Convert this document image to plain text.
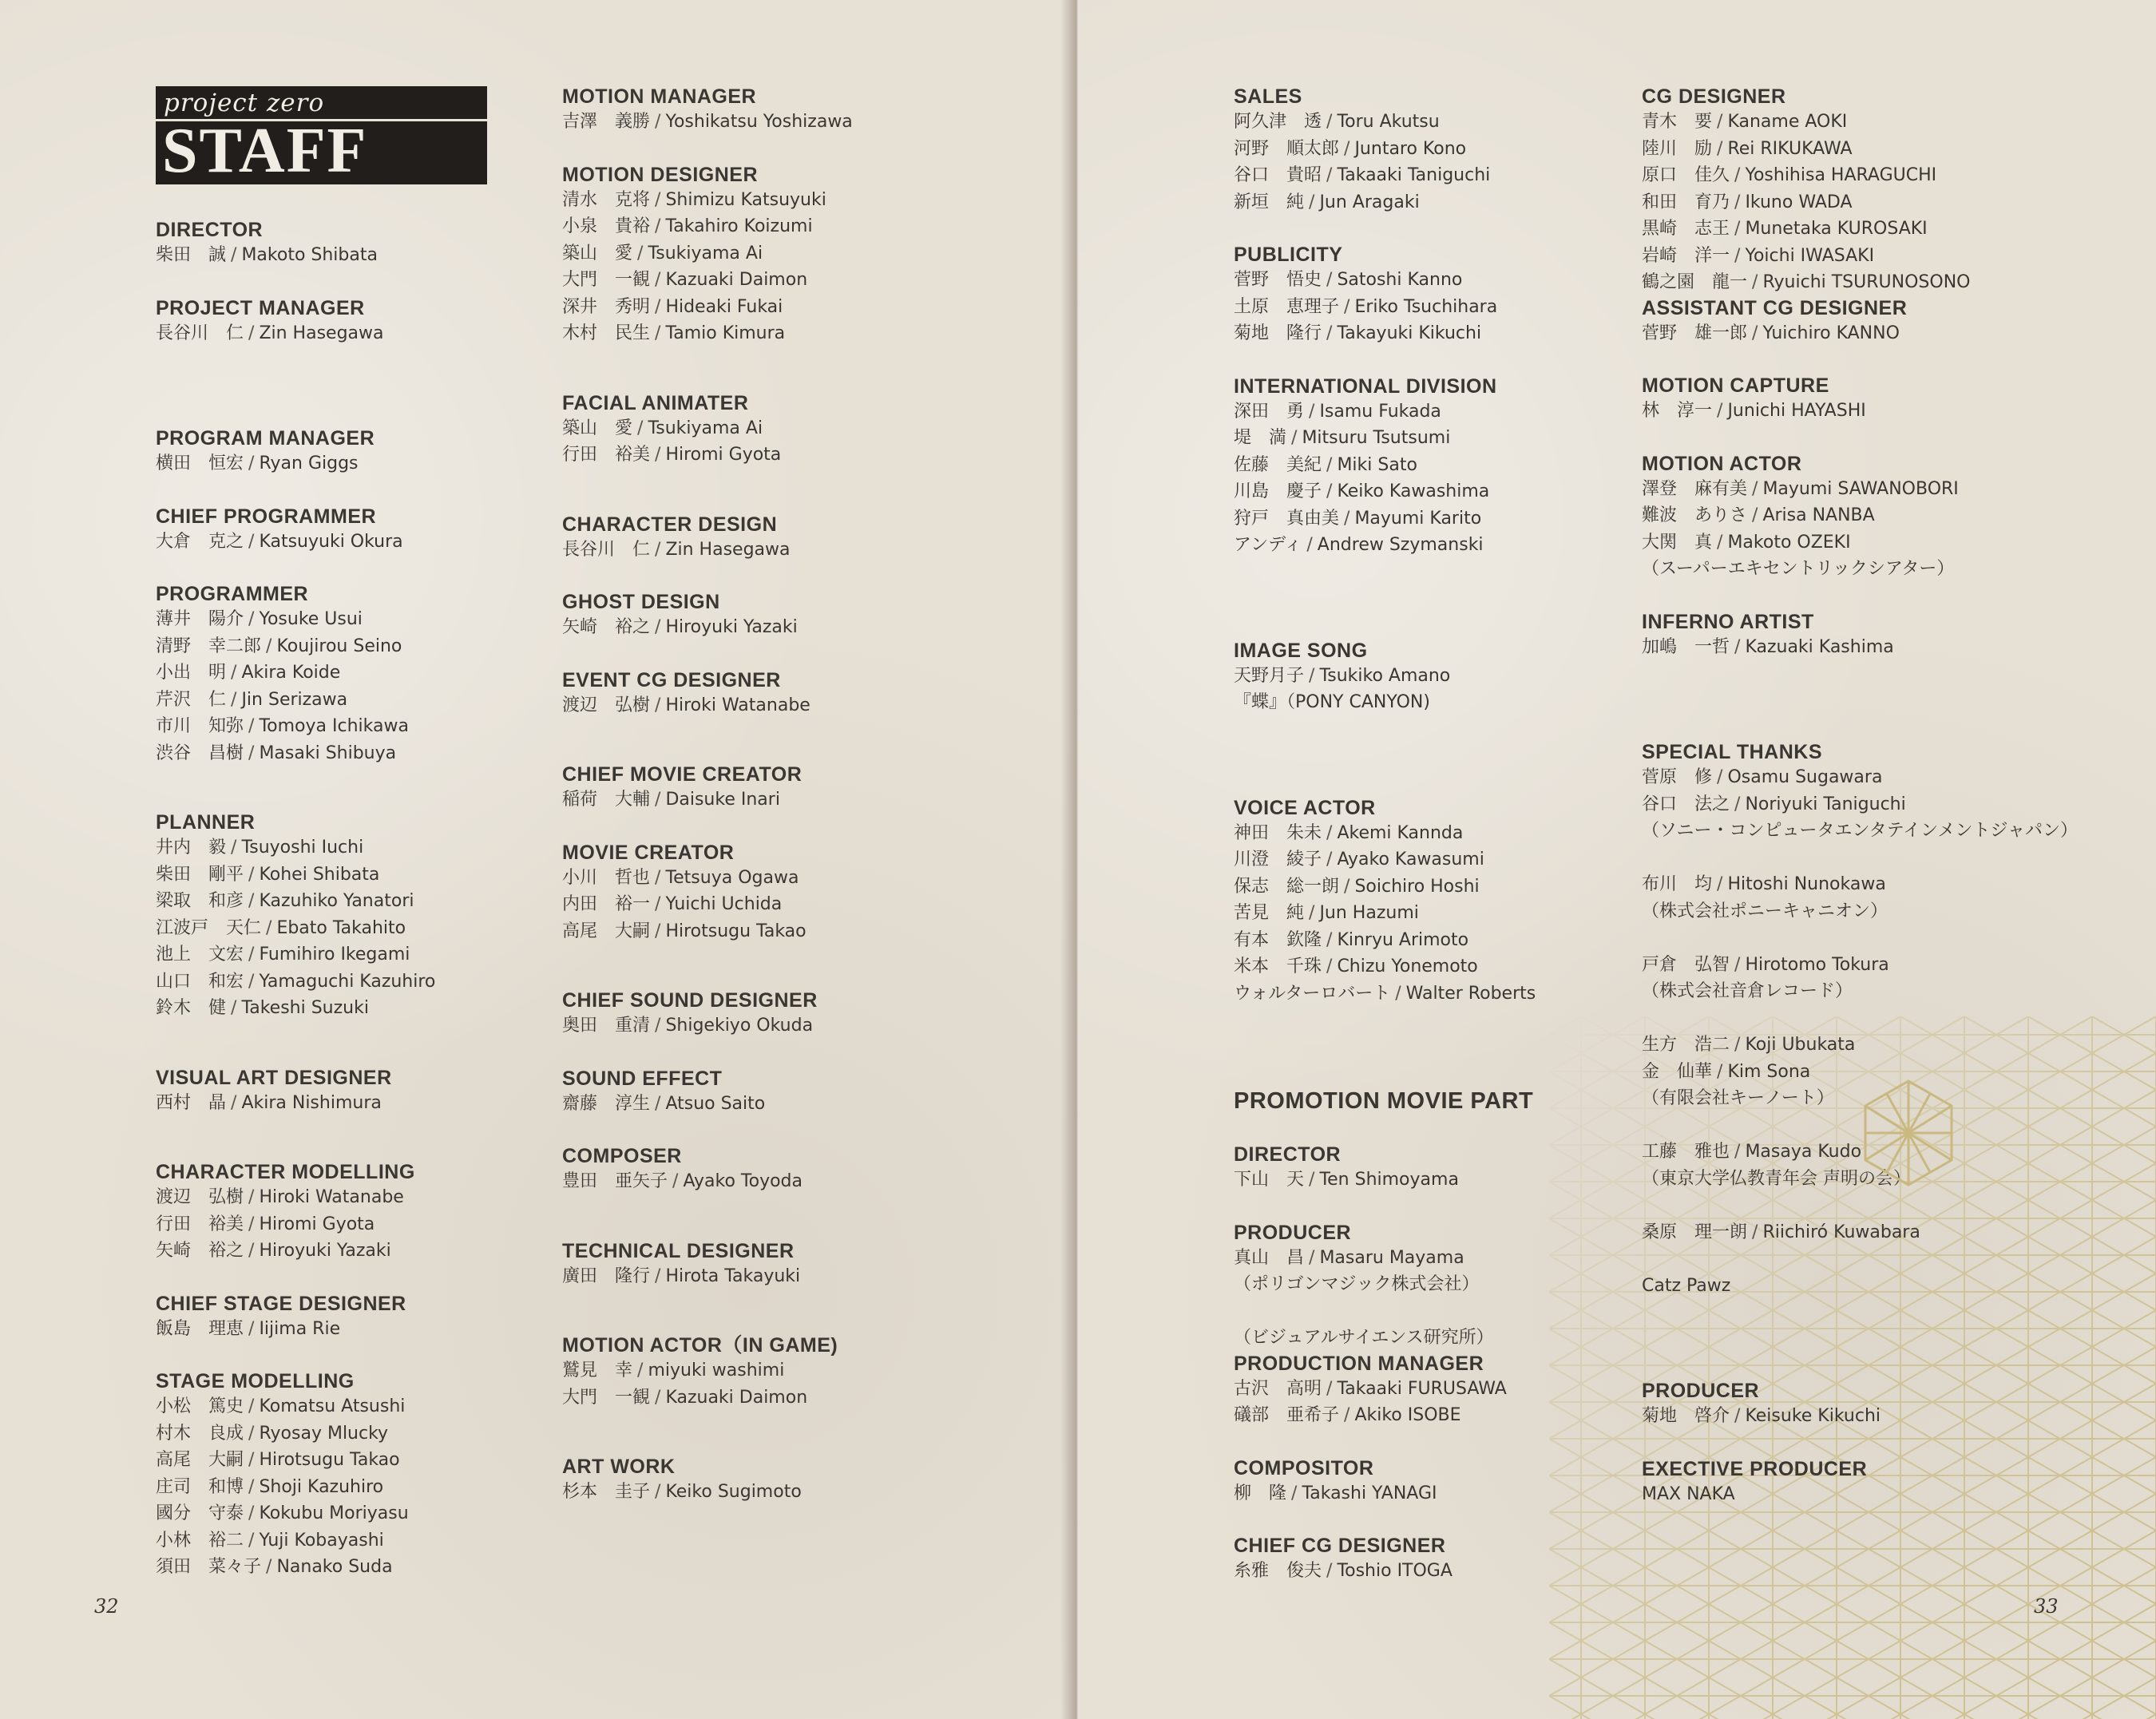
project zero
STAFF
DIRECTOR
柴田　誠 / Makoto Shibata
PROJECT MANAGER
長谷川　仁 / Zin Hasegawa
PROGRAM MANAGER
横田　恒宏 / Ryan Giggs
CHIEF PROGRAMMER
大倉　克之 / Katsuyuki Okura
PROGRAMMER
薄井　陽介 / Yosuke Usui
清野　幸二郎 / Koujirou Seino
小出　明 / Akira Koide
芹沢　仁 / Jin Serizawa
市川　知弥 / Tomoya Ichikawa
渋谷　昌樹 / Masaki Shibuya
PLANNER
井内　毅 / Tsuyoshi Iuchi
柴田　剛平 / Kohei Shibata
梁取　和彦 / Kazuhiko Yanatori
江波戸　天仁 / Ebato Takahito
池上　文宏 / Fumihiro Ikegami
山口　和宏 / Yamaguchi Kazuhiro
鈴木　健 / Takeshi Suzuki
VISUAL ART DESIGNER
西村　晶 / Akira Nishimura
CHARACTER MODELLING
渡辺　弘樹 / Hiroki Watanabe
行田　裕美 / Hiromi Gyota
矢崎　裕之 / Hiroyuki Yazaki
CHIEF STAGE DESIGNER
飯島　理恵 / Iijima Rie
STAGE MODELLING
小松　篤史 / Komatsu Atsushi
村木　良成 / Ryosay Mlucky
高尾　大嗣 / Hirotsugu Takao
庄司　和博 / Shoji Kazuhiro
國分　守泰 / Kokubu Moriyasu
小林　裕二 / Yuji Kobayashi
須田　菜々子 / Nanako Suda
MOTION MANAGER
吉澤　義勝 / Yoshikatsu Yoshizawa
MOTION DESIGNER
清水　克将 / Shimizu Katsuyuki
小泉　貴裕 / Takahiro Koizumi
築山　愛 / Tsukiyama Ai
大門　一観 / Kazuaki Daimon
深井　秀明 / Hideaki Fukai
木村　民生 / Tamio Kimura
FACIAL ANIMATER
築山　愛 / Tsukiyama Ai
行田　裕美 / Hiromi Gyota
CHARACTER DESIGN
長谷川　仁 / Zin Hasegawa
GHOST DESIGN
矢崎　裕之 / Hiroyuki Yazaki
EVENT CG DESIGNER
渡辺　弘樹 / Hiroki Watanabe
CHIEF MOVIE CREATOR
稲荷　大輔 / Daisuke Inari
MOVIE CREATOR
小川　哲也 / Tetsuya Ogawa
内田　裕一 / Yuichi Uchida
高尾　大嗣 / Hirotsugu Takao
CHIEF SOUND DESIGNER
奥田　重清 / Shigekiyo Okuda
SOUND EFFECT
齋藤　淳生 / Atsuo Saito
COMPOSER
豊田　亜矢子 / Ayako Toyoda
TECHNICAL DESIGNER
廣田　隆行 / Hirota Takayuki
MOTION ACTOR（IN GAME)
鷲見　幸 / miyuki washimi
大門　一観 / Kazuaki Daimon
ART WORK
杉本　圭子 / Keiko Sugimoto
32
SALES
阿久津　透 / Toru Akutsu
河野　順太郎 / Juntaro Kono
谷口　貴昭 / Takaaki Taniguchi
新垣　純 / Jun Aragaki
PUBLICITY
菅野　悟史 / Satoshi Kanno
土原　恵理子 / Eriko Tsuchihara
菊地　隆行 / Takayuki Kikuchi
INTERNATIONAL DIVISION
深田　勇 / Isamu Fukada
堤　満 / Mitsuru Tsutsumi
佐藤　美紀 / Miki Sato
川島　慶子 / Keiko Kawashima
狩戸　真由美 / Mayumi Karito
アンディ / Andrew Szymanski
IMAGE SONG
天野月子 / Tsukiko Amano
『蝶』（PONY CANYON)
VOICE ACTOR
神田　朱未 / Akemi Kannda
川澄　綾子 / Ayako Kawasumi
保志　総一朗 / Soichiro Hoshi
苦見　純 / Jun Hazumi
有本　欽隆 / Kinryu Arimoto
米本　千珠 / Chizu Yonemoto
ウォルターロバート / Walter Roberts
PROMOTION MOVIE PART
DIRECTOR
下山　天 / Ten Shimoyama
PRODUCER
真山　昌 / Masaru Mayama
（ポリゴンマジック株式会社）

（ビジュアルサイエンス研究所）
PRODUCTION MANAGER
古沢　高明 / Takaaki FURUSAWA
礒部　亜希子 / Akiko ISOBE
COMPOSITOR
柳　隆 / Takashi YANAGI
CHIEF CG DESIGNER
糸雅　俊夫 / Toshio ITOGA
CG DESIGNER
青木　要 / Kaname AOKI
陸川　励 / Rei RIKUKAWA
原口　佳久 / Yoshihisa HARAGUCHI
和田　育乃 / Ikuno WADA
黒崎　志王 / Munetaka KUROSAKI
岩崎　洋一 / Yoichi IWASAKI
鶴之園　龍一 / Ryuichi TSURUNOSONO
ASSISTANT CG DESIGNER
菅野　雄一郎 / Yuichiro KANNO
MOTION CAPTURE
林　淳一 / Junichi HAYASHI
MOTION ACTOR
澤登　麻有美 / Mayumi SAWANOBORI
難波　ありさ / Arisa NANBA
大関　真 / Makoto OZEKI
（スーパーエキセントリックシアター）
INFERNO ARTIST
加嶋　一哲 / Kazuaki Kashima
SPECIAL THANKS
菅原　修 / Osamu Sugawara
谷口　法之 / Noriyuki Taniguchi
（ソニー・コンピュータエンタテインメントジャパン）

布川　均 / Hitoshi Nunokawa
（株式会社ポニーキャニオン）

戸倉　弘智 / Hirotomo Tokura
（株式会社音倉レコード）

生方　浩二 / Koji Ubukata
金　仙華 / Kim Sona
（有限会社キーノート）

工藤　雅也 / Masaya Kudo
（東京大学仏教青年会 声明の会）

桑原　理一朗 / Riichiró Kuwabara

Catz Pawz
PRODUCER
菊地　啓介 / Keisuke Kikuchi
EXECTIVE PRODUCER
MAX NAKA
33
